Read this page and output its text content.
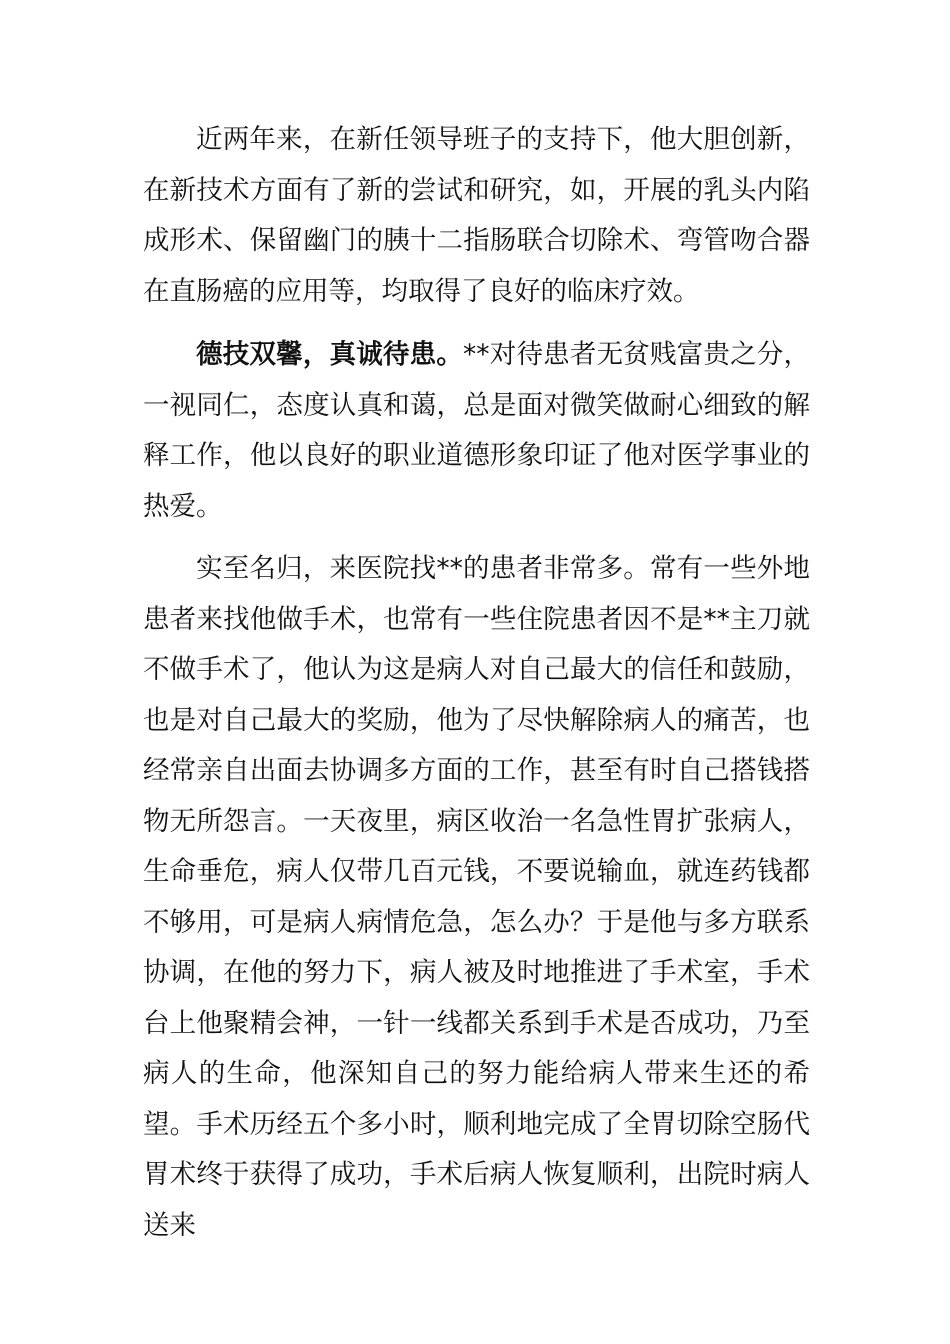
近两年来，在新任领导班子的支持下，他大胆创新，在新技术方面有了新的尝试和研究，如，开展的乳头内陷成形术、保留幽门的胰十二指肠联合切除术、弯管吻合器在直肠癌的应用等，均取得了良好的临床疗效。

德技双馨，真诚待患。**对待患者无贫贱富贵之分，一视同仁，态度认真和蔼，总是面对微笑做耐心细致的解释工作，他以良好的职业道德形象印证了他对医学事业的热爱。

实至名归，来医院找**的患者非常多。常有一些外地患者来找他做手术，也常有一些住院患者因不是**主刀就不做手术了，他认为这是病人对自己最大的信任和鼓励，也是对自己最大的奖励，他为了尽快解除病人的痛苦，也经常亲自出面去协调多方面的工作，甚至有时自己搭钱搭物无所怨言。一天夜里，病区收治一名急性胃扩张病人，生命垂危，病人仅带几百元钱，不要说输血，就连药钱都不够用，可是病人病情危急，怎么办？于是他与多方联系协调，在他的努力下，病人被及时地推进了手术室，手术台上他聚精会神，一针一线都关系到手术是否成功，乃至病人的生命，他深知自己的努力能给病人带来生还的希望。手术历经五个多小时，顺利地完成了全胃切除空肠代胃术终于获得了成功，手术后病人恢复顺利，出院时病人送来
